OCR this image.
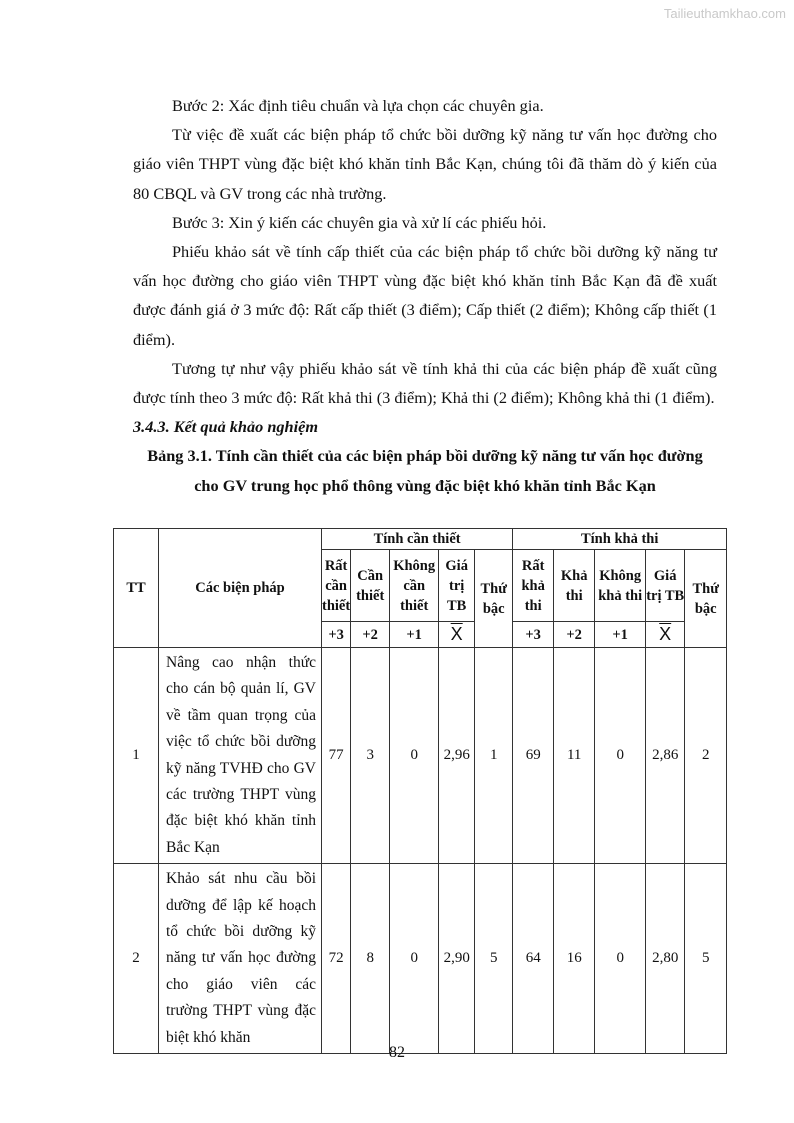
Tailieuthamkhao.com

Bước 2: Xác định tiêu chuẩn và lựa chọn các chuyên gia.

Từ việc đề xuất các biện pháp tổ chức bồi dưỡng kỹ năng tư vấn học đường cho giáo viên THPT vùng đặc biệt khó khăn tỉnh Bắc Kạn, chúng tôi đã thăm dò ý kiến của 80 CBQL và GV trong các nhà trường.

Bước 3: Xin ý kiến các chuyên gia và xử lí các phiếu hỏi.

Phiếu khảo sát về tính cấp thiết của các biện pháp tổ chức bồi dưỡng kỹ năng tư vấn học đường cho giáo viên THPT vùng đặc biệt khó khăn tỉnh Bắc Kạn đã đề xuất được đánh giá ở 3 mức độ: Rất cấp thiết (3 điểm); Cấp thiết (2 điểm); Không cấp thiết (1 điểm).

Tương tự như vậy phiếu khảo sát về tính khả thi của các biện pháp đề xuất cũng được tính theo 3 mức độ: Rất khả thi (3 điểm); Khả thi (2 điểm); Không khả thi (1 điểm).

3.4.3. Kết quả khảo nghiệm

Bảng 3.1. Tính cần thiết của các biện pháp bồi dưỡng kỹ năng tư vấn học đường

cho GV trung học phổ thông vùng đặc biệt khó khăn tỉnh Bắc Kạn

TT	Các biện pháp	Tính cần thiết					Tính khả thi				
		Rất cần thiết	Cần thiết	Không cần thiết	Giá trị TB	Thứ bậc	Rất khả thi	Khả thi	Không khả thi	Giá trị TB	Thứ bậc
		+3	+2	+1	$\overline{X}$		+3	+2	+1	$\overline{X}$
1	Nâng cao nhận thức cho cán bộ quản lí, GV về tầm quan trọng của việc tổ chức bồi dưỡng kỹ năng TVHĐ cho GV các trường THPT vùng đặc biệt khó khăn tỉnh Bắc Kạn	77	3	0	2,96	1	69	11	0	2,86	2
2	Khảo sát nhu cầu bồi dưỡng để lập kế hoạch tổ chức bồi dưỡng kỹ năng tư vấn học đường cho giáo viên các trường THPT vùng đặc biệt khó khăn	72	8	0	2,90	5	64	16	0	2,80	5
82
